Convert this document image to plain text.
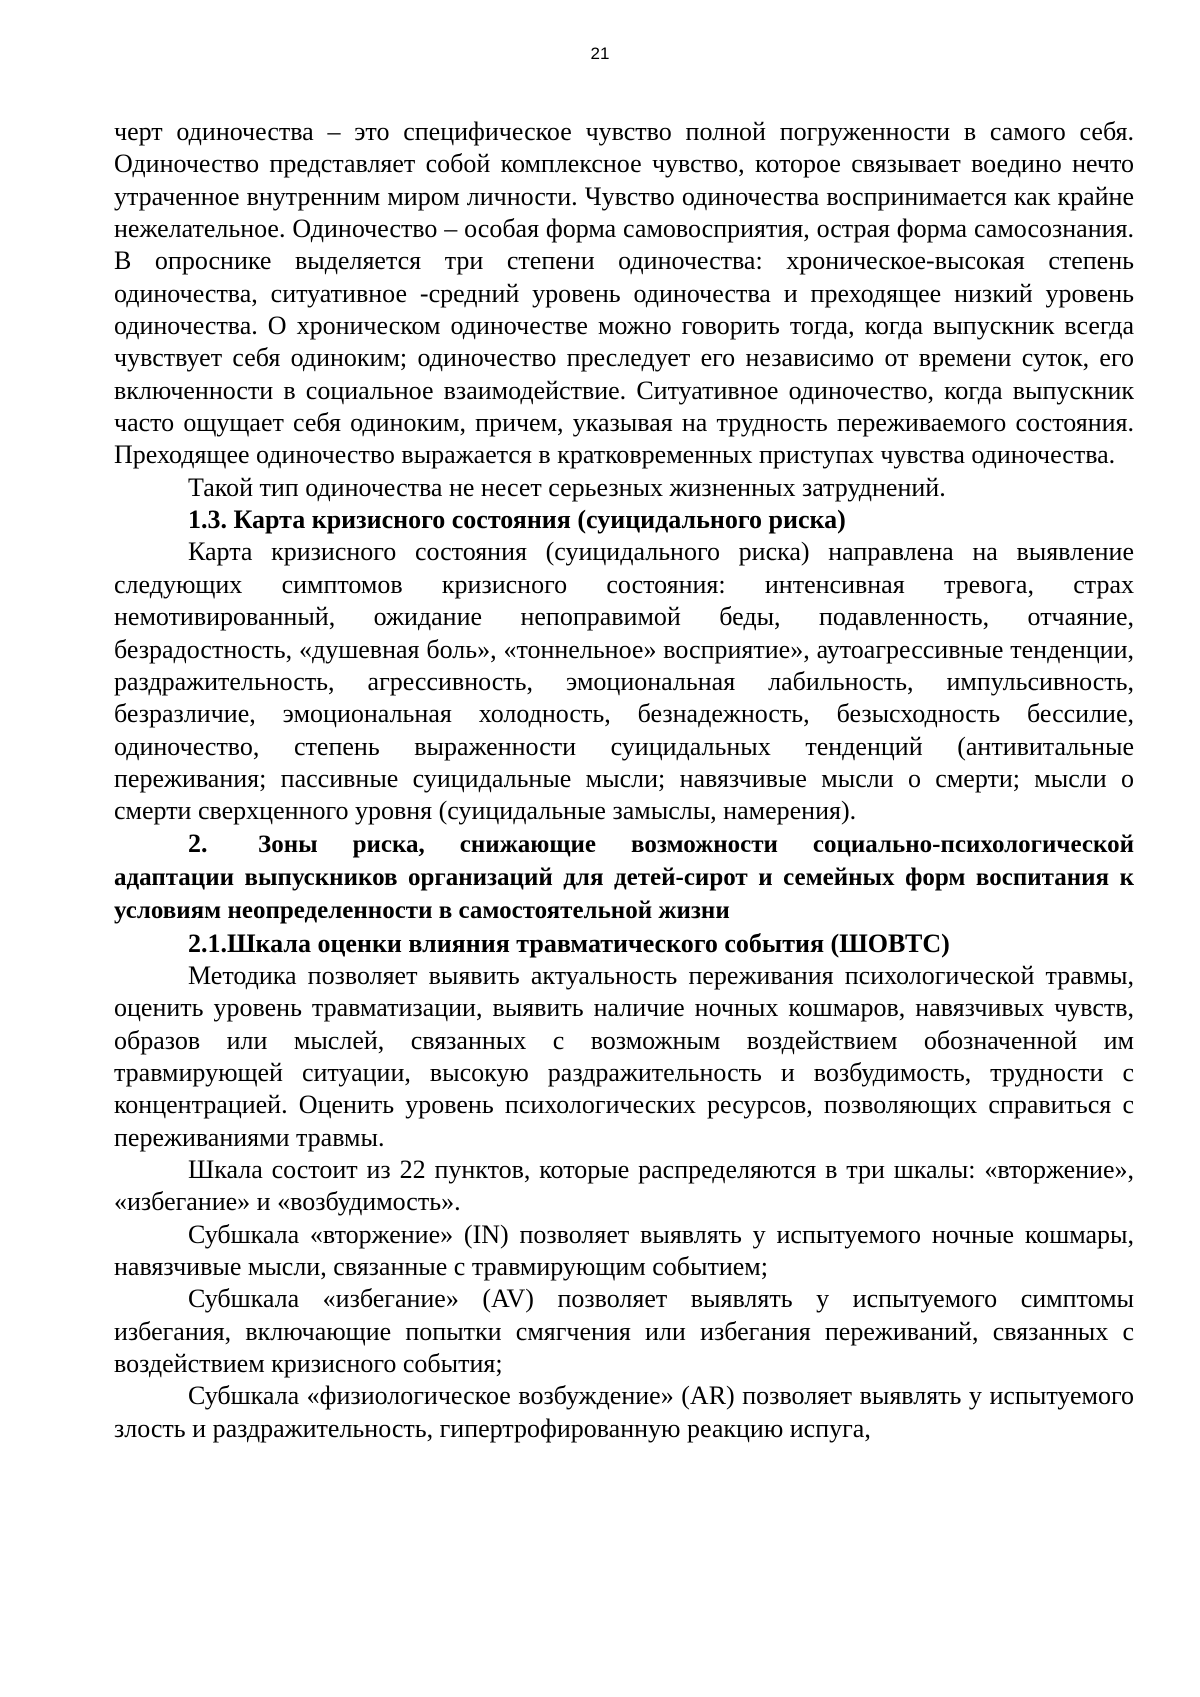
21

черт одиночества – это специфическое чувство полной погруженности в самого себя. Одиночество представляет собой комплексное чувство, которое связывает воедино нечто утраченное внутренним миром личности. Чувство одиночества воспринимается как крайне нежелательное. Одиночество – особая форма самовосприятия, острая форма самосознания. В опроснике выделяется три степени одиночества: хроническое-высокая степень одиночества, ситуативное -средний уровень одиночества и преходящее низкий уровень одиночества. О хроническом одиночестве можно говорить тогда, когда выпускник всегда чувствует себя одиноким; одиночество преследует его независимо от времени суток, его включенности в социальное взаимодействие. Ситуативное одиночество, когда выпускник часто ощущает себя одиноким, причем, указывая на трудность переживаемого состояния. Преходящее одиночество выражается в кратковременных приступах чувства одиночества.

Такой тип одиночества не несет серьезных жизненных затруднений.

1.3. Карта кризисного состояния (суицидального риска)

Карта кризисного состояния (суицидального риска) направлена на выявление следующих симптомов кризисного состояния: интенсивная тревога, страх немотивированный, ожидание непоправимой беды, подавленность, отчаяние, безрадостность, «душевная боль», «тоннельное» восприятие», аутоагрессивные тенденции, раздражительность, агрессивность, эмоциональная лабильность, импульсивность, безразличие, эмоциональная холодность, безнадежность, безысходность бессилие, одиночество, степень выраженности суицидальных тенденций (антивитальные переживания; пассивные суицидальные мысли; навязчивые мысли о смерти; мысли о смерти сверхценного уровня (суицидальные замыслы, намерения).

2. Зоны риска, снижающие возможности социально-психологической адаптации выпускников организаций для детей-сирот и семейных форм воспитания к условиям неопределенности в самостоятельной жизни

2.1.Шкала оценки влияния травматического события (ШОВТС)

Методика позволяет выявить актуальность переживания психологической травмы, оценить уровень травматизации, выявить наличие ночных кошмаров, навязчивых чувств, образов или мыслей, связанных с возможным воздействием обозначенной им травмирующей ситуации, высокую раздражительность и возбудимость, трудности с концентрацией. Оценить уровень психологических ресурсов, позволяющих справиться с переживаниями травмы.

Шкала состоит из 22 пунктов, которые распределяются в три шкалы: «вторжение», «избегание» и «возбудимость».

Субшкала «вторжение» (IN) позволяет выявлять у испытуемого ночные кошмары, навязчивые мысли, связанные с травмирующим событием;

Субшкала «избегание» (AV) позволяет выявлять у испытуемого симптомы избегания, включающие попытки смягчения или избегания переживаний, связанных с воздействием кризисного события;

Субшкала «физиологическое возбуждение» (AR) позволяет выявлять у испытуемого злость и раздражительность, гипертрофированную реакцию испуга,
